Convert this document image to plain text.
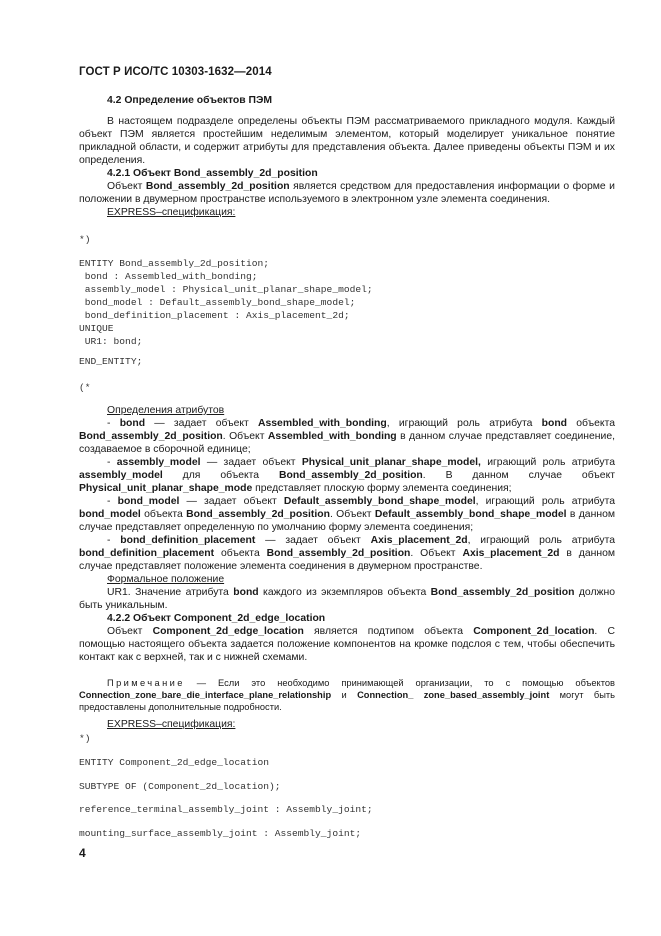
ГОСТ Р ИСО/ТС 10303-1632—2014

4.2 Определение объектов ПЭМ

В настоящем подразделе определены объекты ПЭМ рассматриваемого прикладного модуля. Каждый объект ПЭМ является простейшим неделимым элементом, который моделирует уникальное понятие прикладной области, и содержит атрибуты для представления объекта. Далее приведены объекты ПЭМ и их определения.

4.2.1 Объект Bond_assembly_2d_position

Объект Bond_assembly_2d_position является средством для предоставления информации о форме и положении в двумерном пространстве используемого в электронном узле элемента соединения.

EXPRESS–спецификация:

*)
ENTITY Bond_assembly_2d_position;
bond : Assembled_with_bonding;
assembly_model : Physical_unit_planar_shape_model;
bond_model : Default_assembly_bond_shape_model;
bond_definition_placement : Axis_placement_2d;
UNIQUE
UR1: bond;
END_ENTITY;
(*

Определения атрибутов

- bond — задает объект Assembled_with_bonding, играющий роль атрибута bond объекта Bond_assembly_2d_position. Объект Assembled_with_bonding в данном случае представляет соединение, создаваемое в сборочной единице;

- assembly_model — задает объект Physical_unit_planar_shape_model, играющий роль атрибута assembly_model для объекта Bond_assembly_2d_position. В данном случае объект Physical_unit_planar_shape_mode представляет плоскую форму элемента соединения;

- bond_model — задает объект Default_assembly_bond_shape_model, играющий роль атрибута bond_model объекта Bond_assembly_2d_position. Объект Default_assembly_bond_shape_model в данном случае представляет определенную по умолчанию форму элемента соединения;

- bond_definition_placement — задает объект Axis_placement_2d, играющий роль атрибута bond_definition_placement объекта Bond_assembly_2d_position. Объект Axis_placement_2d в данном случае представляет положение элемента соединения в двумерном пространстве.

Формальное положение

UR1. Значение атрибута bond каждого из экземпляров объекта Bond_assembly_2d_position должно быть уникальным.

4.2.2 Объект Component_2d_edge_location

Объект Component_2d_edge_location является подтипом объекта Component_2d_location. С помощью настоящего объекта задается положение компонентов на кромке подслоя с тем, чтобы обеспечить контакт как с верхней, так и с нижней схемами.

Примечание — Если это необходимо принимающей организации, то с помощью объектов Connection_zone_bare_die_interface_plane_relationship и Connection_ zone_based_assembly_joint могут быть предоставлены дополнительные подробности.

EXPRESS–спецификация:

*)
ENTITY Component_2d_edge_location
SUBTYPE OF (Component_2d_location);
reference_terminal_assembly_joint : Assembly_joint;
mounting_surface_assembly_joint : Assembly_joint;
4
